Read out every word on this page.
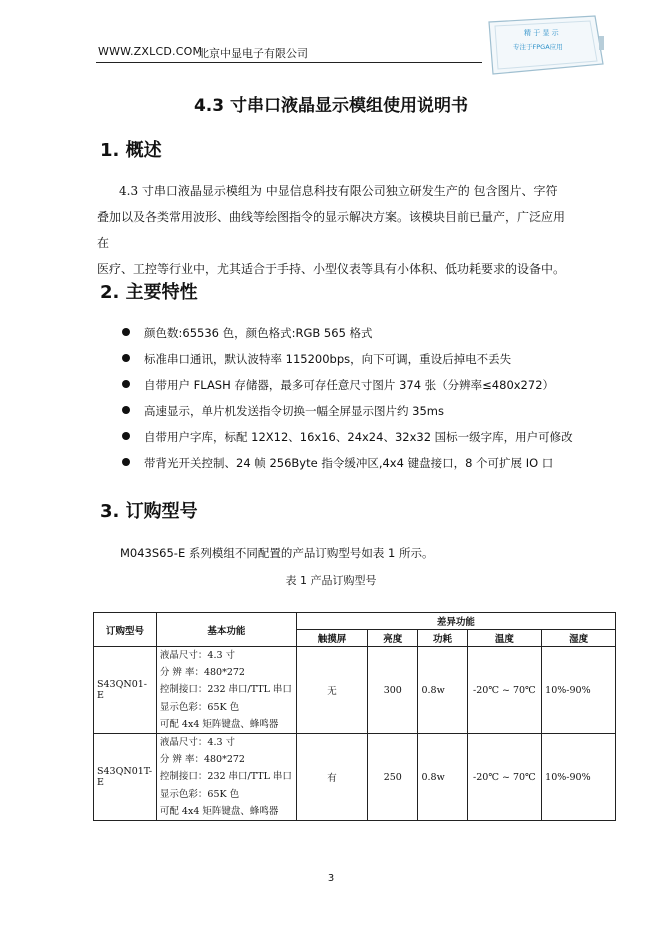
WWW.ZXLCD.COM
北京中显电子有限公司
精 于 显 示
专注于FPGA应用
4.3 寸串口液晶显示模组使用说明书
1. 概述
4.3 寸串口液晶显示模组为 中显信息科技有限公司独立研发生产的 包含图片、字符
叠加以及各类常用波形、曲线等绘图指令的显示解决方案。该模块目前已量产，广泛应用在
医疗、工控等行业中，尤其适合于手持、小型仪表等具有小体积、低功耗要求的设备中。
2. 主要特性
颜色数:65536 色，颜色格式:RGB 565 格式
标准串口通讯，默认波特率 115200bps，向下可调，重设后掉电不丢失
自带用户 FLASH 存储器，最多可存任意尺寸图片 374 张（分辨率≤480x272）
高速显示，单片机发送指令切换一幅全屏显示图片约 35ms
自带用户字库，标配 12X12、16x16、24x24、32x32 国标一级字库，用户可修改
带背光开关控制、24 帧 256Byte 指令缓冲区,4x4 键盘接口，8 个可扩展 IO 口
3. 订购型号
M043S65-E 系列模组不同配置的产品订购型号如表 1 所示。
表 1 产品订购型号
订购型号	基本功能	差异功能				
		触摸屏	亮度	功耗	温度	湿度
S43QN01-E	液晶尺寸：4.3 寸
分 辨 率：480*272
控制接口：232 串口/TTL 串口
显示色彩：65K 色
可配 4x4 矩阵键盘、蜂鸣器	无	300	0.8w	-20℃ ~ 70℃	10%-90%
S43QN01T-E	液晶尺寸：4.3 寸
分 辨 率：480*272
控制接口：232 串口/TTL 串口
显示色彩：65K 色
可配 4x4 矩阵键盘、蜂鸣器	有	250	0.8w	-20℃ ~ 70℃	10%-90%
3
